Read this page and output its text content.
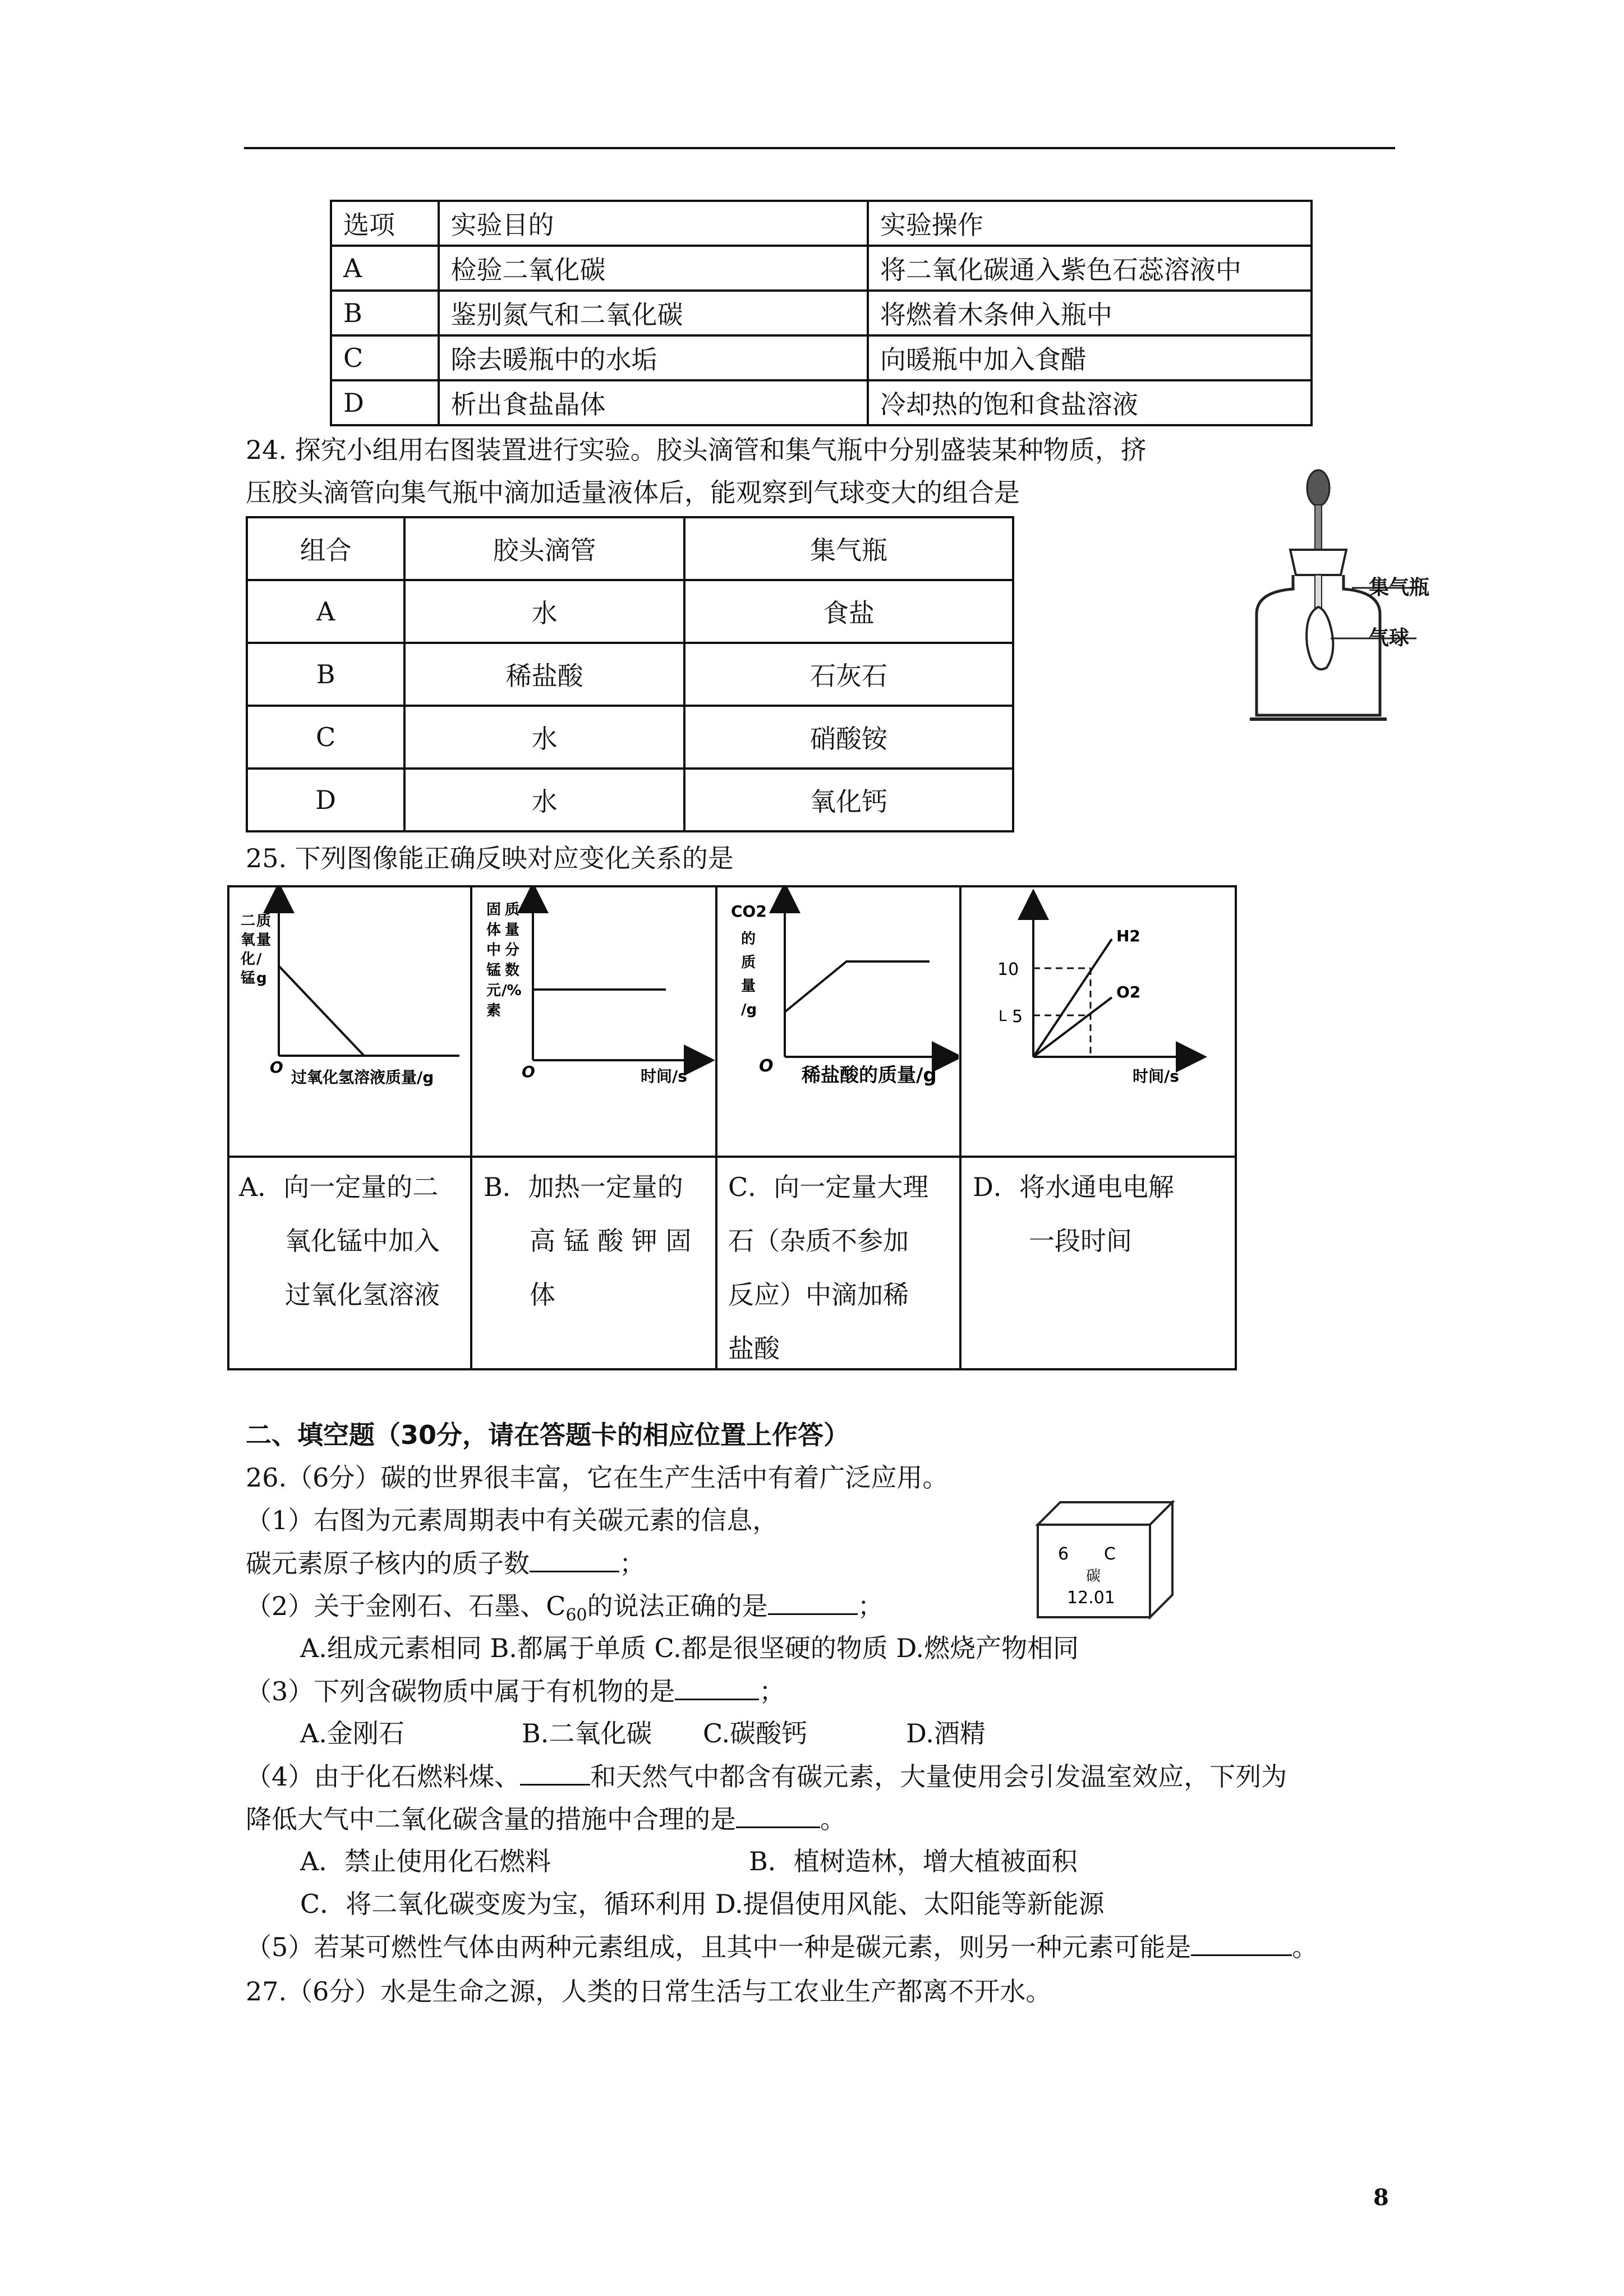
选项	实验目的	实验操作
A	检验二氧化碳	将二氧化碳通入紫色石蕊溶液中
B	鉴别氮气和二氧化碳	将燃着木条伸入瓶中
C	除去暖瓶中的水垢	向暖瓶中加入食醋
D	析出食盐晶体	冷却热的饱和食盐溶液
24. 探究小组用右图装置进行实验。胶头滴管和集气瓶中分别盛装某种物质，挤
压胶头滴管向集气瓶中滴加适量液体后，能观察到气球变大的组合是
组合	胶头滴管	集气瓶
A	水	食盐
B	稀盐酸	石灰石
C	水	硝酸铵
D	水	氧化钙
集气瓶
气球
25. 下列图像能正确反映对应变化关系的是
二
氧
化
锰
质
量
/
g
O
过氧化氢溶液质量/g
固
体
中
锰
元
素
质
量
分
数
/%
O	时间/s
CO2
的
质
量
/g
O 稀盐酸的质量/g
10
5
L
H2
O2
时间/s
A．向一定量的二
氧化锰中加入
过氧化氢溶液
B．加热一定量的
高 锰 酸 钾 固
体
C．向一定量大理
石（杂质不参加
反应）中滴加稀
盐酸
D．将水通电电解
一段时间
二、填空题（30分，请在答题卡的相应位置上作答）
26.（6分）碳的世界很丰富，它在生产生活中有着广泛应用。
（1）右图为元素周期表中有关碳元素的信息，
碳元素原子核内的质子数	；
（2）关于金刚石、石墨、$C_{60}$的说法正确的是	；
A.组成元素相同 B.都属于单质 C.都是很坚硬的物质 D.燃烧产物相同
（3）下列含碳物质中属于有机物的是	；
A.金刚石	B.二氧化碳 C.碳酸钙	D.酒精
（4）由于化石燃料煤、	和天然气中都含有碳元素，大量使用会引发温室效应，下列为
降低大气中二氧化碳含量的措施中合理的是	。
A．禁止使用化石燃料	B．植树造林，增大植被面积
C．将二氧化碳变废为宝，循环利用 D.提倡使用风能、太阳能等新能源
（5）若某可燃性气体由两种元素组成，且其中一种是碳元素，则另一种元素可能是	。
6 C
碳
12.01
27.（6分）水是生命之源，人类的日常生活与工农业生产都离不开水。
8
